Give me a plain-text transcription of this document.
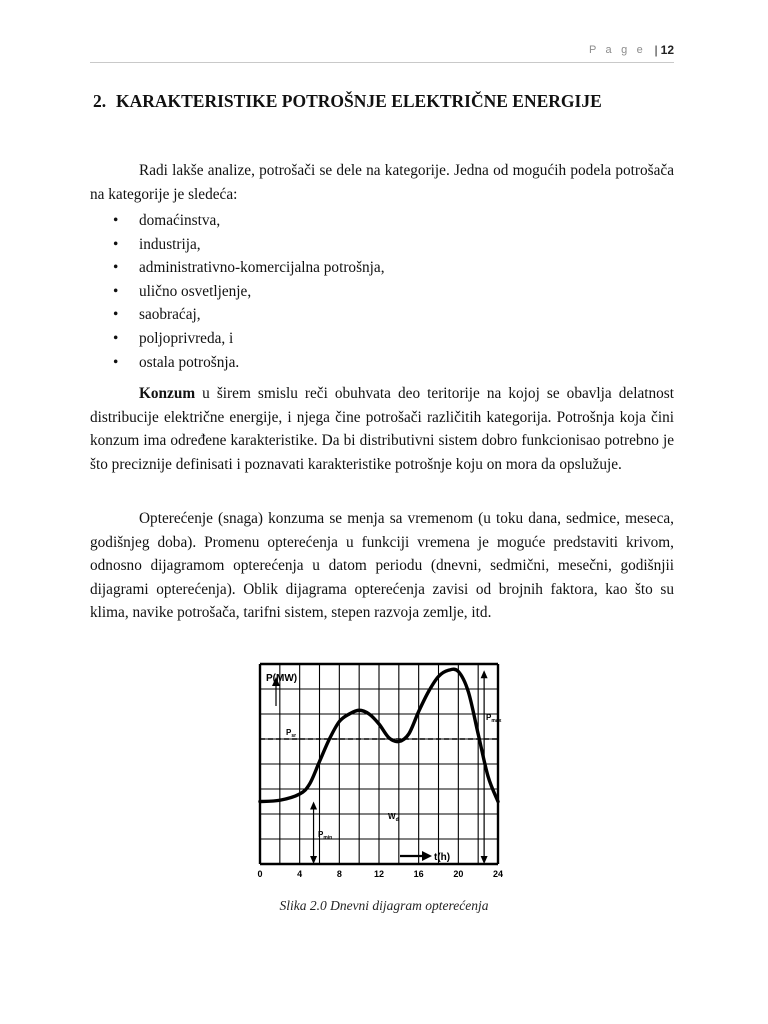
P a g e | 12
2. KARAKTERISTIKE POTROŠNJE ELEKTRIČNE ENERGIJE

Radi lakše analize, potrošači se dele na kategorije. Jedna od mogućih podela potrošača na kategorije je sledeća:

• domaćinstva,
• industrija,
• administrativno-komercijalna potrošnja,
• ulično osvetljenje,
• saobraćaj,
• poljoprivreda, i
• ostala potrošnja.

Konzum u širem smislu reči obuhvata deo teritorije na kojoj se obavlja delatnost distribucije električne energije, i njega čine potrošači različitih kategorija. Potrošnja koja čini konzum ima određene karakteristike. Da bi distributivni sistem dobro funkcionisao potrebno je što preciznije definisati i poznavati karakteristike potrošnje koju on mora da opslužuje.

Opterećenje (snaga) konzuma se menja sa vremenom (u toku dana, sedmice, meseca, godišnjeg doba). Promenu opterećenja u funkciji vremena je moguće predstaviti krivom, odnosno dijagramom opterećenja u datom periodu (dnevni, sedmični, mesečni, godišnjii dijagrami opterećenja). Oblik dijagrama opterećenja zavisi od brojnih faktora, kao što su klima, navike potrošača, tarifni sistem, stepen razvoja zemlje, itd.

0	4	8	12	16	20	24
P(MW)
t(h)
$P_{sr}$
$P_{max}$
$P_{min}$
$W_d$
Slika 2.0 Dnevni dijagram opterećenja
